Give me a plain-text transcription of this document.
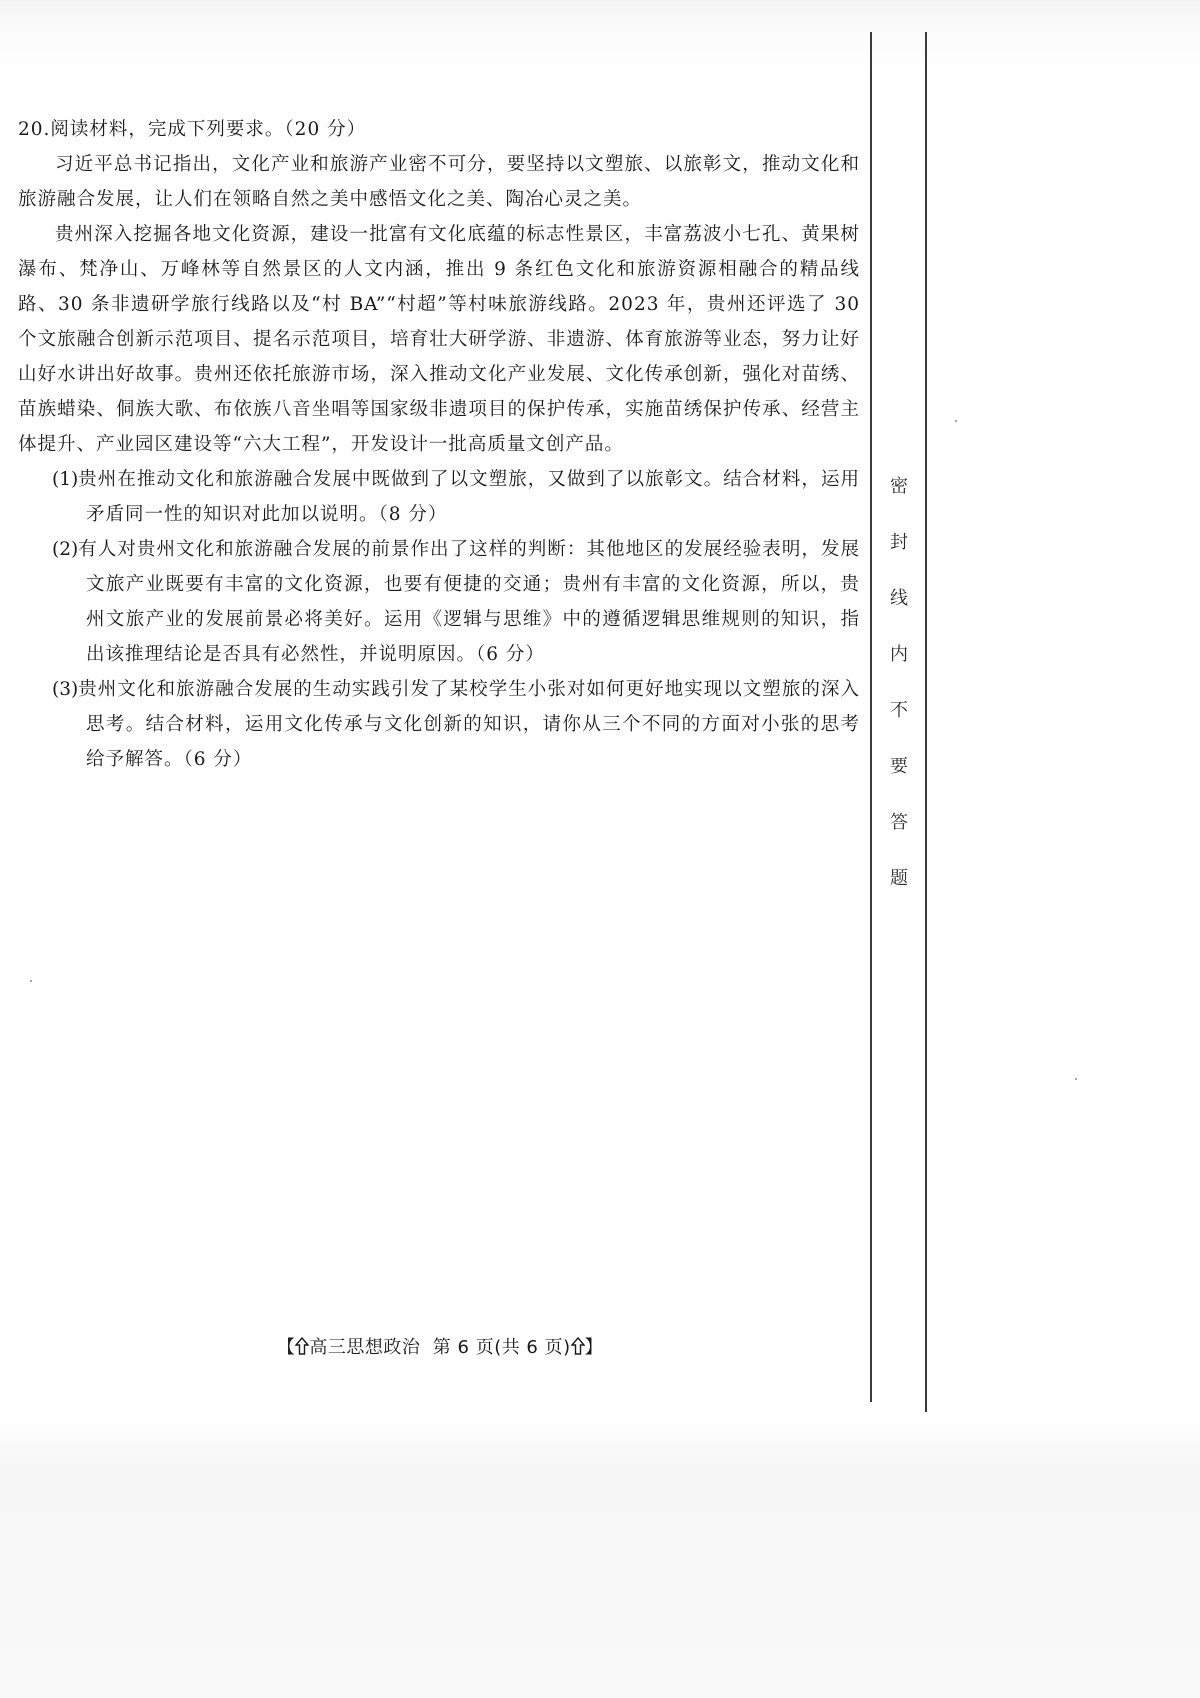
20.阅读材料，完成下列要求。（20 分）

习近平总书记指出，文化产业和旅游产业密不可分，要坚持以文塑旅、以旅彰文，推动文化和旅游融合发展，让人们在领略自然之美中感悟文化之美、陶冶心灵之美。

贵州深入挖掘各地文化资源，建设一批富有文化底蕴的标志性景区，丰富荔波小七孔、黄果树瀑布、梵净山、万峰林等自然景区的人文内涵，推出 9 条红色文化和旅游资源相融合的精品线路、30 条非遗研学旅行线路以及“村 BA”“村超”等村味旅游线路。2023 年，贵州还评选了 30 个文旅融合创新示范项目、提名示范项目，培育壮大研学游、非遗游、体育旅游等业态，努力让好山好水讲出好故事。贵州还依托旅游市场，深入推动文化产业发展、文化传承创新，强化对苗绣、苗族蜡染、侗族大歌、布依族八音坐唱等国家级非遗项目的保护传承，实施苗绣保护传承、经营主体提升、产业园区建设等“六大工程”，开发设计一批高质量文创产品。

(1)贵州在推动文化和旅游融合发展中既做到了以文塑旅，又做到了以旅彰文。结合材料，运用矛盾同一性的知识对此加以说明。（8 分）

(2)有人对贵州文化和旅游融合发展的前景作出了这样的判断：其他地区的发展经验表明，发展文旅产业既要有丰富的文化资源，也要有便捷的交通；贵州有丰富的文化资源，所以，贵州文旅产业的发展前景必将美好。运用《逻辑与思维》中的遵循逻辑思维规则的知识，指出该推理结论是否具有必然性，并说明原因。（6 分）

(3)贵州文化和旅游融合发展的生动实践引发了某校学生小张对如何更好地实现以文塑旅的深入思考。结合材料，运用文化传承与文化创新的知识，请你从三个不同的方面对小张的思考给予解答。（6 分）

密
封
线
内
不
要
答
题
【 高三思想政治 第 6 页(共 6 页) 】
